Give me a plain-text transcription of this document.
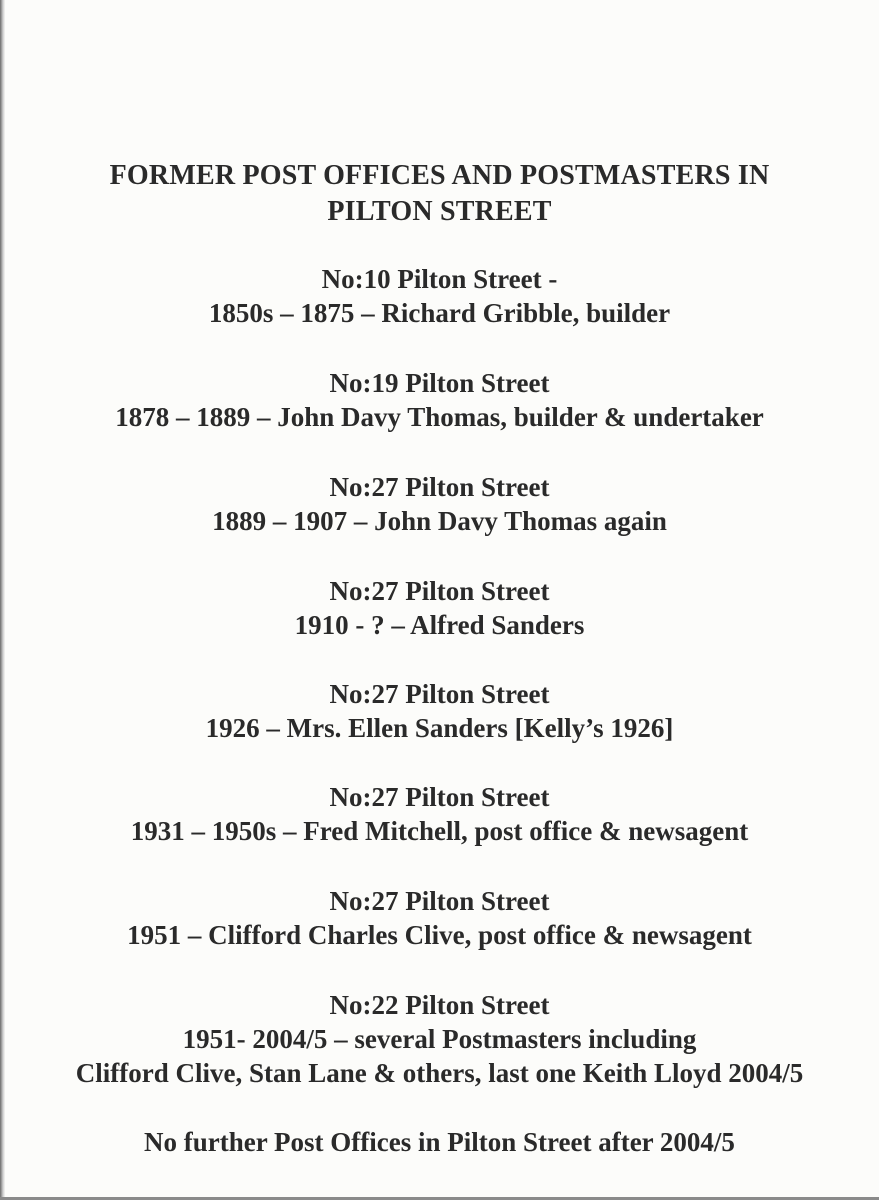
FORMER POST OFFICES AND POSTMASTERS IN
PILTON STREET
No:10 Pilton Street -
1850s – 1875 – Richard Gribble, builder
No:19 Pilton Street
1878 – 1889 – John Davy Thomas, builder & undertaker
No:27 Pilton Street
1889 – 1907 – John Davy Thomas again
No:27 Pilton Street
1910 - ? – Alfred Sanders
No:27 Pilton Street
1926 – Mrs. Ellen Sanders [Kelly’s 1926]
No:27 Pilton Street
1931 – 1950s – Fred Mitchell, post office & newsagent
No:27 Pilton Street
1951 – Clifford Charles Clive, post office & newsagent
No:22 Pilton Street
1951- 2004/5 – several Postmasters including
Clifford Clive, Stan Lane & others, last one Keith Lloyd 2004/5
No further Post Offices in Pilton Street after 2004/5
